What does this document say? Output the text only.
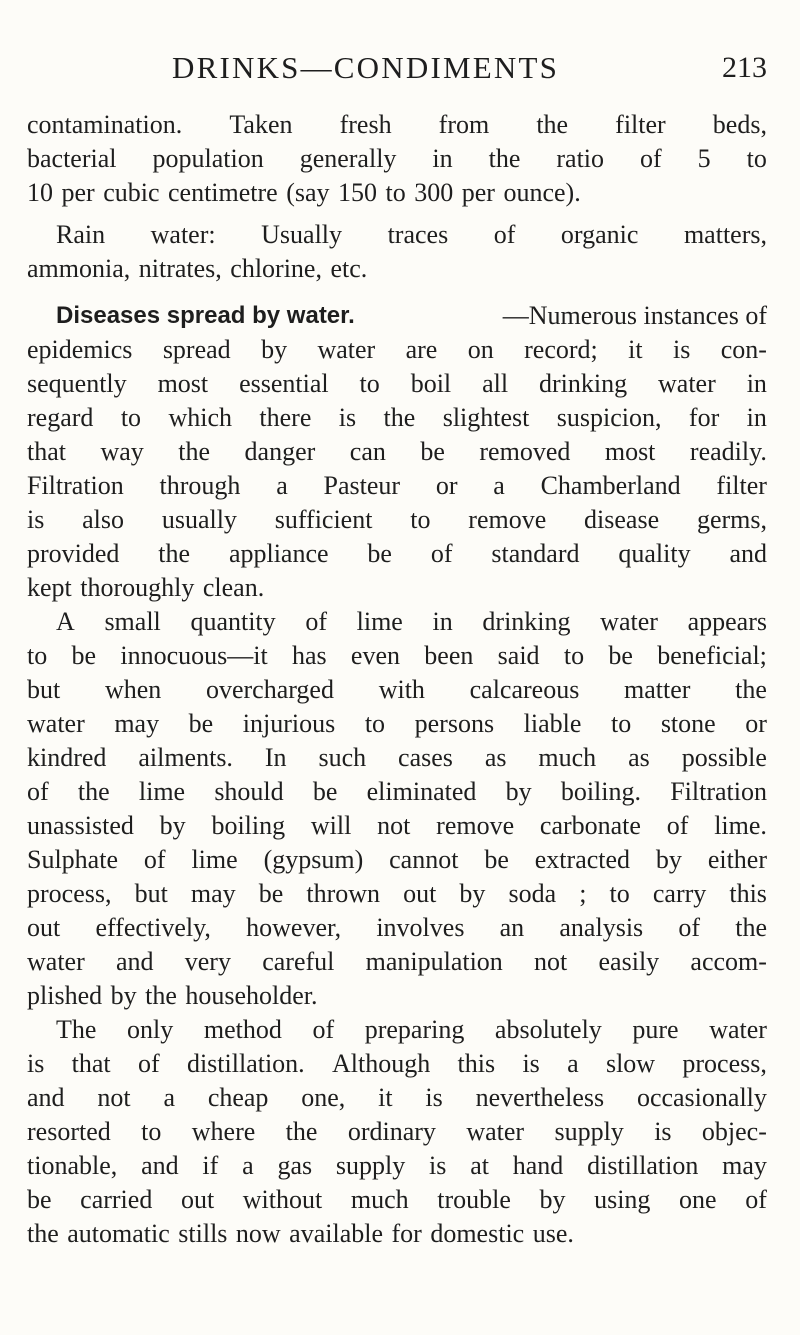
DRINKS—CONDIMENTS	213
contamination. Taken fresh from the filter beds,
bacterial population generally in the ratio of 5 to
10 per cubic centimetre (say 150 to 300 per ounce).
Rain water: Usually traces of organic matters,
ammonia, nitrates, chlorine, etc.
Diseases spread by water.	—Numerous instances of
epidemics spread by water are on record; it is con-
sequently most essential to boil all drinking water in
regard to which there is the slightest suspicion, for in
that way the danger can be removed most readily.
Filtration through a Pasteur or a Chamberland filter
is also usually sufficient to remove disease germs,
provided the appliance be of standard quality and
kept thoroughly clean.
A small quantity of lime in drinking water appears
to be innocuous—it has even been said to be beneficial;
but when overcharged with calcareous matter the
water may be injurious to persons liable to stone or
kindred ailments. In such cases as much as possible
of the lime should be eliminated by boiling. Filtration
unassisted by boiling will not remove carbonate of lime.
Sulphate of lime (gypsum) cannot be extracted by either
process, but may be thrown out by soda ; to carry this
out effectively, however, involves an analysis of the
water and very careful manipulation not easily accom-
plished by the householder.
The only method of preparing absolutely pure water
is that of distillation. Although this is a slow process,
and not a cheap one, it is nevertheless occasionally
resorted to where the ordinary water supply is objec-
tionable, and if a gas supply is at hand distillation may
be carried out without much trouble by using one of
the automatic stills now available for domestic use.
